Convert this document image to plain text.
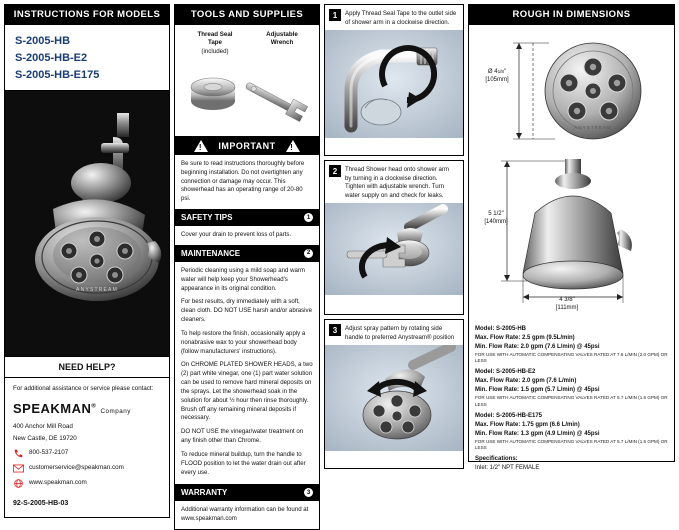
INSTRUCTIONS FOR MODELS
S-2005-HB
S-2005-HB-E2
S-2005-HB-E175
ANYSTREAM
NEED HELP?
For additional assistance or service please contact:
SPEAKMAN® Company
400 Anchor Mill Road
New Castle, DE 19720
800-537-2107
customerservice@speakman.com
www.speakman.com
92-S-2005-HB-03
TOOLS AND SUPPLIES
Thread Seal
Tape
(included)
Adjustable
Wrench
! IMPORTANT !

Be sure to read instructions thoroughly before beginning installation. Do not overtighten any connection or damage may occur. This showerhead has an operating range of 20-80 psi.

SAFETY TIPS	1
Cover your drain to prevent loss of parts.
MAINTENANCE	2

Periodic cleaning using a mild soap and warm water will help keep your Showerhead's appearance in its original condition.

For best results, dry immediately with a soft, clean cloth. DO NOT USE harsh and/or abrasive cleaners.

To help restore the finish, occasionally apply a nonabrasive wax to your showerhead body (follow manufacturers' instructions).

On CHROME PLATED SHOWER HEADS, a two (2) part white vinegar, one (1) part water solution can be used to remove hard mineral deposits on the sprays. Let the showerhead soak in the solution for about ½ hour then rinse thoroughly. Brush off any remaining mineral deposits if necessary.

DO NOT USE the vinegar/water treatment on any finish other than Chrome.

To reduce mineral buildup, turn the handle to FLOOD position to let the water drain out after every use.

WARRANTY	3
Additional warranty information can be found at www.speakman.com
1	Apply Thread Seal Tape to the outlet side of shower arm in a clockwise direction.
2	Thread Shower head onto shower arm by turning in a clockwise direction. Tighten with adjustable wrench. Turn water supply on and check for leaks.
3	Adjust spray pattern by rotating side handle to preferred Anystream® position
ROUGH IN DIMENSIONS
ANYSTREAM
Ø 41/8"
[105mm]
5 1/2"
[140mm]
4 3/8"
[111mm]
Model: S-2005-HB
Max. Flow Rate: 2.5 gpm (9.5L/min)
Min. Flow Rate: 2.0 gpm (7.6 L/min) @ 45psi
FOR USE WITH AUTOMATIC COMPENSATING VALVES RATED AT 7.6 L/MIN (2.0 GPM) OR LESS
Model: S-2005-HB-E2
Max. Flow Rate: 2.0 gpm (7.6 L/min)
Min. Flow Rate: 1.5 gpm (5.7 L/min) @ 45psi
FOR USE WITH AUTOMATIC COMPENSATING VALVES RATED AT 5.7 L/MIN (1.5 GPM) OR LESS
Model: S-2005-HB-E175
Max. Flow Rate: 1.75 gpm (6.6 L/min)
Min. Flow Rate: 1.3 gpm (4.9 L/min) @ 45psi
FOR USE WITH AUTOMATIC COMPENSATING VALVES RATED AT 5.7 L/MIN (1.5 GPM) OR LESS
Specifications:
Inlet: 1/2" NPT FEMALE
